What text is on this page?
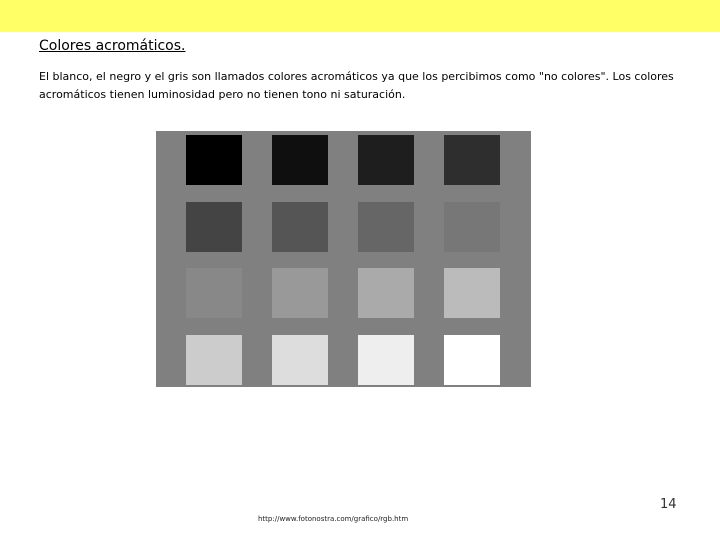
Colores acromáticos.
El blanco, el negro y el gris son llamados colores acromáticos ya que los percibimos como "no colores". Los colores acromáticos tienen luminosidad pero no tienen tono ni saturación.
14
http://www.fotonostra.com/grafico/rgb.htm
